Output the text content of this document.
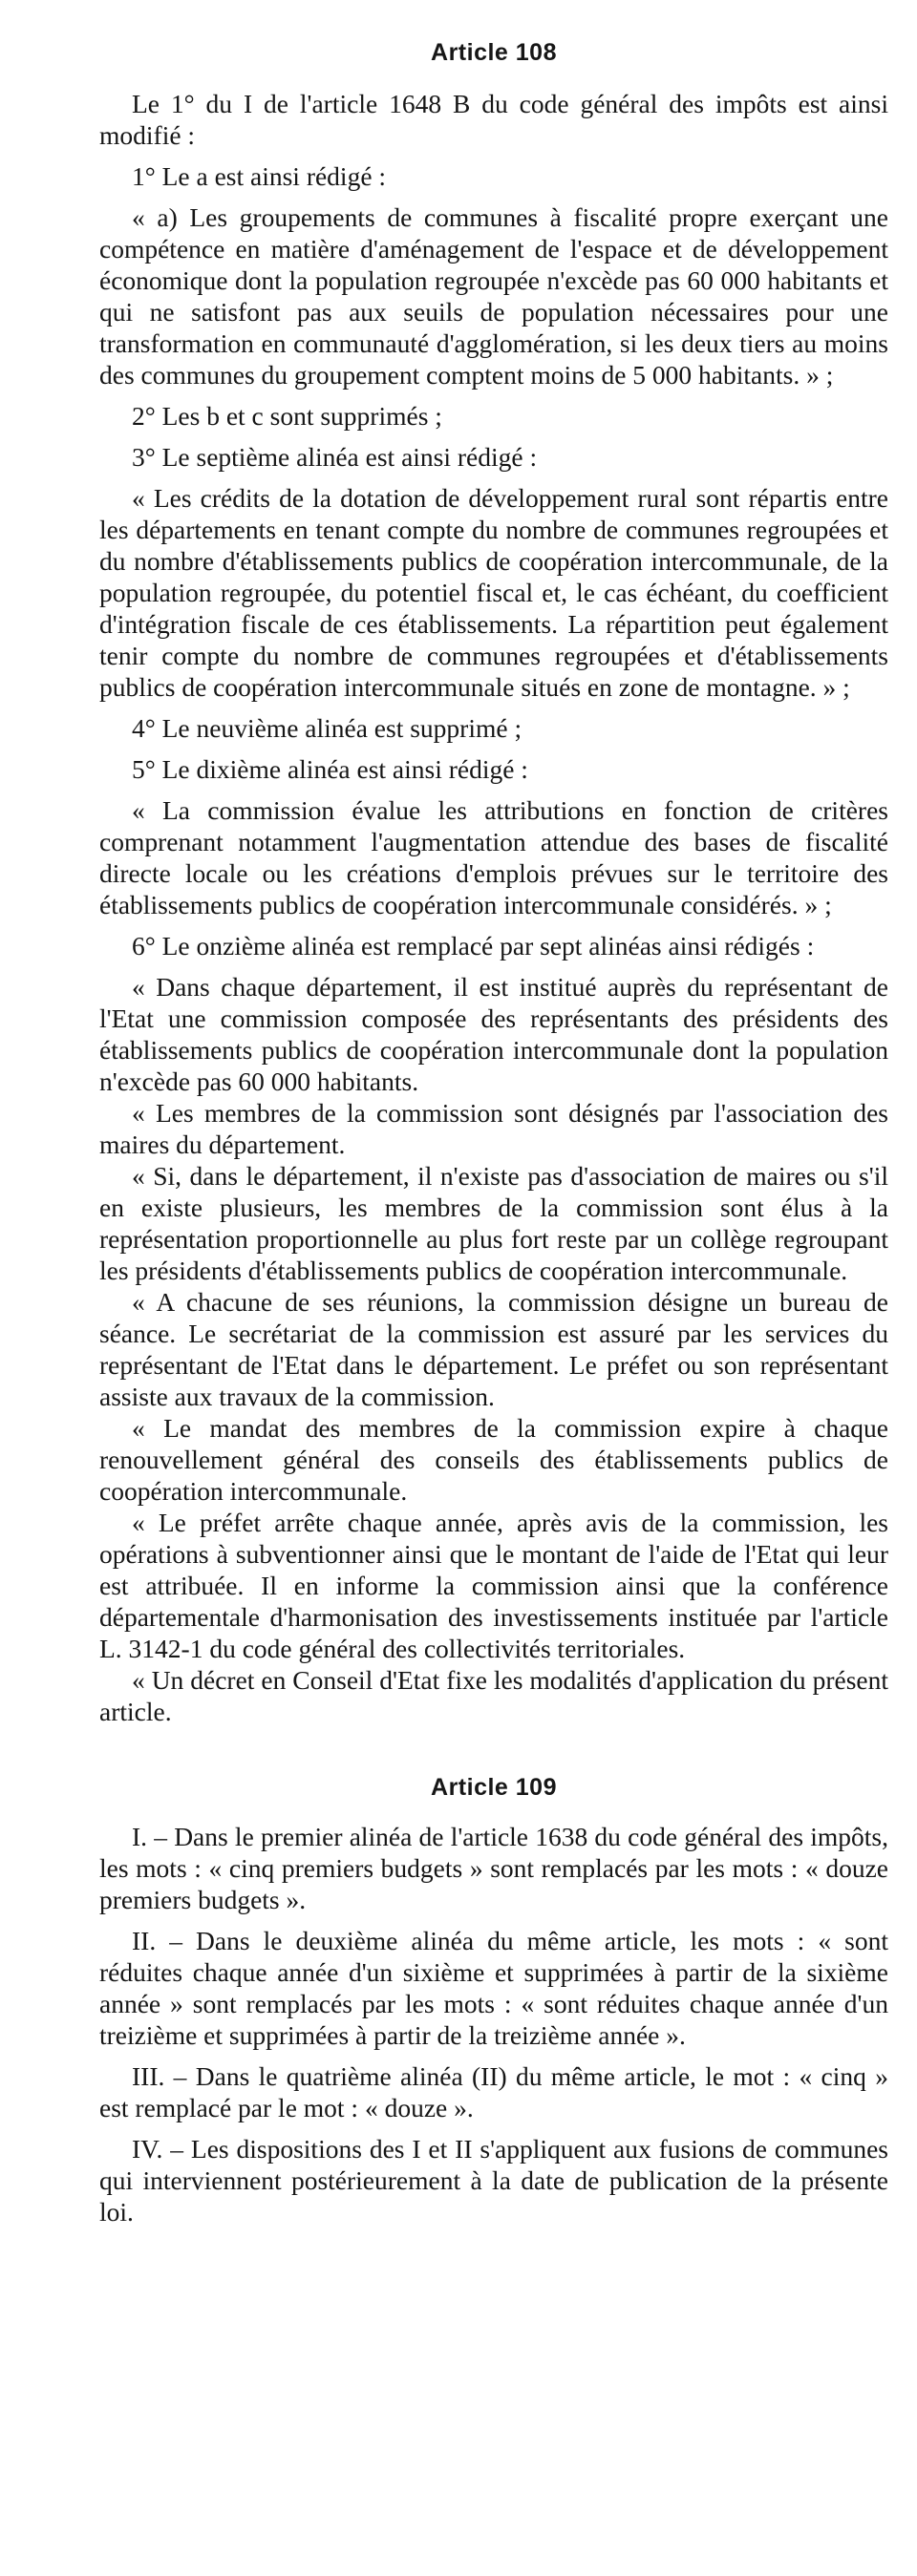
Article 108

Le 1° du I de l'article 1648 B du code général des impôts est ainsi modifié :

1° Le a est ainsi rédigé :

« a) Les groupements de communes à fiscalité propre exerçant une compétence en matière d'aménagement de l'espace et de développement économique dont la population regroupée n'excède pas 60 000 habitants et qui ne satisfont pas aux seuils de population nécessaires pour une transformation en communauté d'agglomération, si les deux tiers au moins des communes du groupement comptent moins de 5 000 habitants. » ;

2° Les b et c sont supprimés ;

3° Le septième alinéa est ainsi rédigé :

« Les crédits de la dotation de développement rural sont répartis entre les départements en tenant compte du nombre de communes regroupées et du nombre d'établissements publics de coopération intercommunale, de la population regroupée, du potentiel fiscal et, le cas échéant, du coefficient d'intégration fiscale de ces établissements. La répartition peut également tenir compte du nombre de communes regroupées et d'établissements publics de coopération intercommunale situés en zone de montagne. » ;

4° Le neuvième alinéa est supprimé ;

5° Le dixième alinéa est ainsi rédigé :

« La commission évalue les attributions en fonction de critères comprenant notamment l'augmentation attendue des bases de fiscalité directe locale ou les créations d'emplois prévues sur le territoire des établissements publics de coopération intercommunale considérés. » ;

6° Le onzième alinéa est remplacé par sept alinéas ainsi rédigés :

« Dans chaque département, il est institué auprès du représentant de l'Etat une commission composée des représentants des présidents des établissements publics de coopération intercommunale dont la population n'excède pas 60 000 habitants.

« Les membres de la commission sont désignés par l'association des maires du département.

« Si, dans le département, il n'existe pas d'association de maires ou s'il en existe plusieurs, les membres de la commission sont élus à la représentation proportionnelle au plus fort reste par un collège regroupant les présidents d'établissements publics de coopération intercommunale.

« A chacune de ses réunions, la commission désigne un bureau de séance. Le secrétariat de la commission est assuré par les services du représentant de l'Etat dans le département. Le préfet ou son représentant assiste aux travaux de la commission.

« Le mandat des membres de la commission expire à chaque renouvellement général des conseils des établissements publics de coopération intercommunale.

« Le préfet arrête chaque année, après avis de la commission, les opérations à subventionner ainsi que le montant de l'aide de l'Etat qui leur est attribuée. Il en informe la commission ainsi que la conférence départementale d'harmonisation des investissements instituée par l'article L. 3142-1 du code général des collectivités territoriales.

« Un décret en Conseil d'Etat fixe les modalités d'application du présent article.

Article 109

I. – Dans le premier alinéa de l'article 1638 du code général des impôts, les mots : « cinq premiers budgets » sont remplacés par les mots : « douze premiers budgets ».

II. – Dans le deuxième alinéa du même article, les mots : « sont réduites chaque année d'un sixième et supprimées à partir de la sixième année » sont remplacés par les mots : « sont réduites chaque année d'un treizième et supprimées à partir de la treizième année ».

III. – Dans le quatrième alinéa (II) du même article, le mot : « cinq » est remplacé par le mot : « douze ».

IV. – Les dispositions des I et II s'appliquent aux fusions de communes qui interviennent postérieurement à la date de publication de la présente loi.
